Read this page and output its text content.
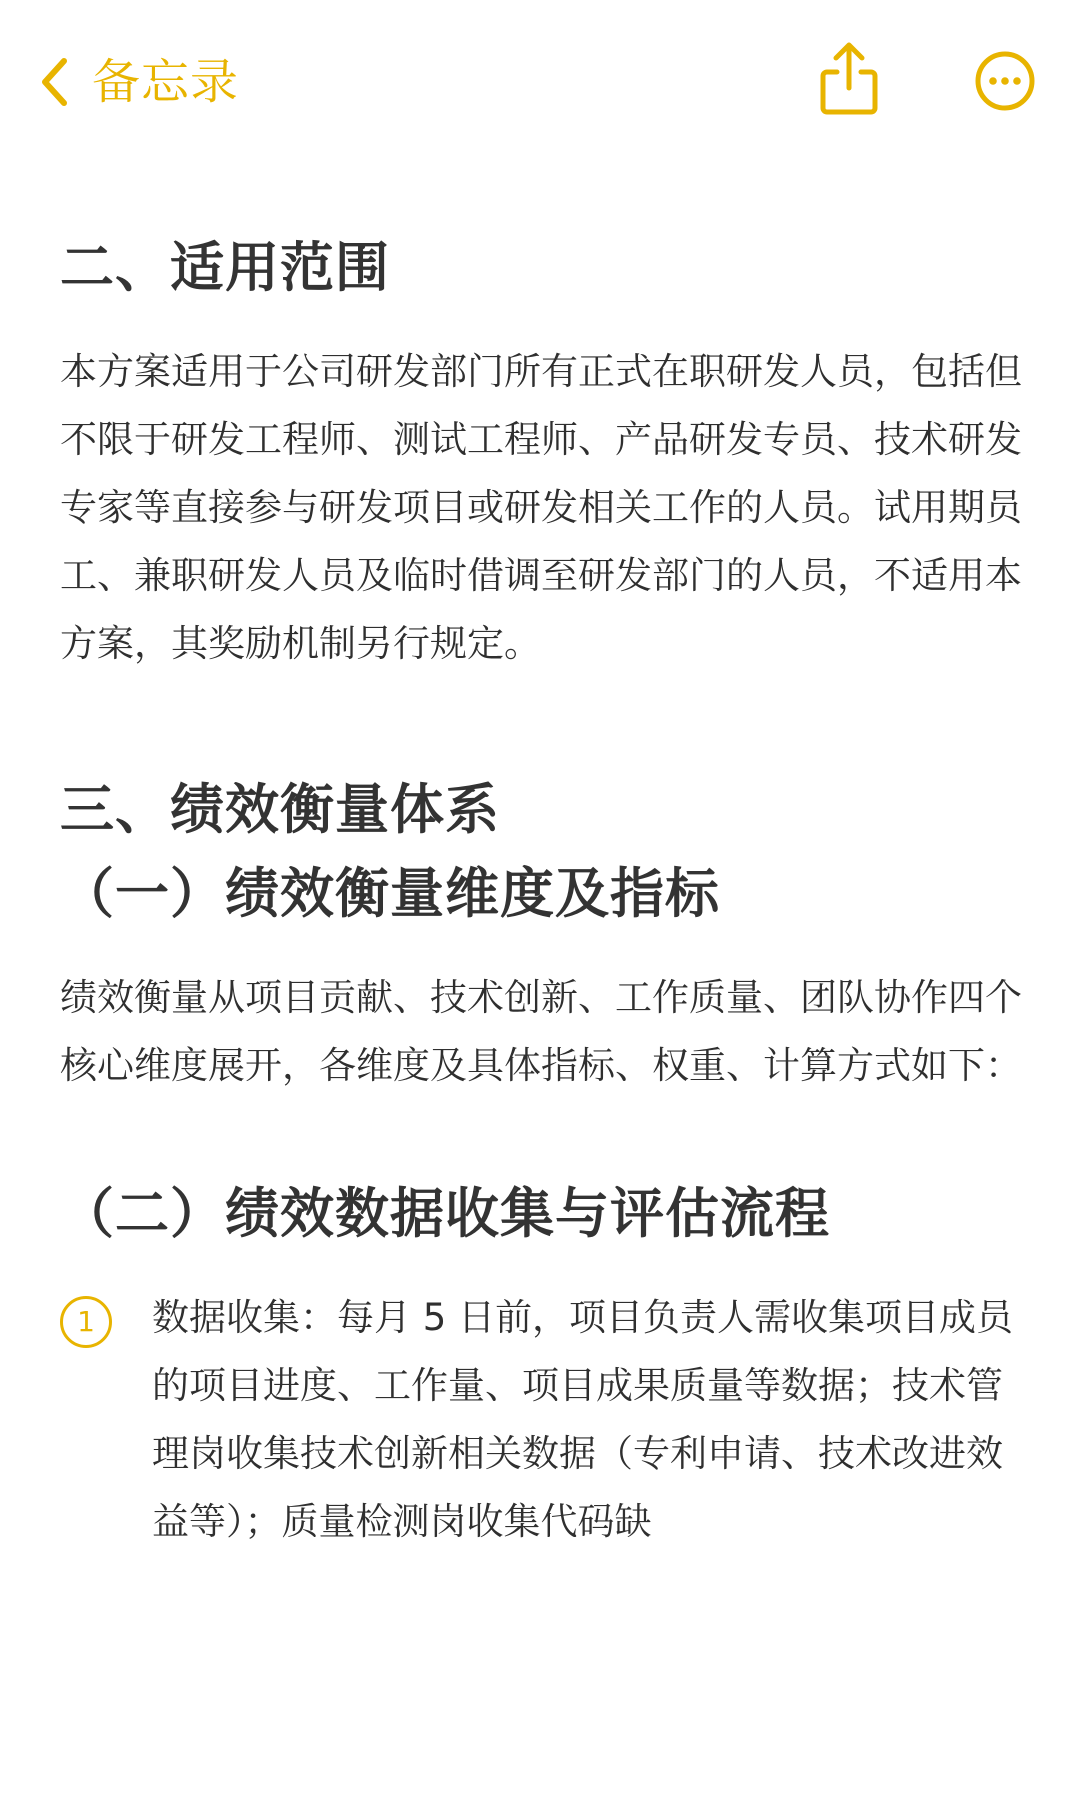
备忘录
二、适用范围

本方案适用于公司研发部门所有正式在职研发人员，包括但不限于研发工程师、测试工程师、产品研发专员、技术研发专家等直接参与研发项目或研发相关工作的人员。试用期员工、兼职研发人员及临时借调至研发部门的人员，不适用本方案，其奖励机制另行规定。

三、绩效衡量体系
（一）绩效衡量维度及指标

绩效衡量从项目贡献、技术创新、工作质量、团队协作四个核心维度展开，各维度及具体指标、权重、计算方式如下：

（二）绩效数据收集与评估流程
1	数据收集：每月 5 日前，项目负责人需收集项目成员的项目进度、工作量、项目成果质量等数据；技术管理岗收集技术创新相关数据（专利申请、技术改进效益等）；质量检测岗收集代码缺
